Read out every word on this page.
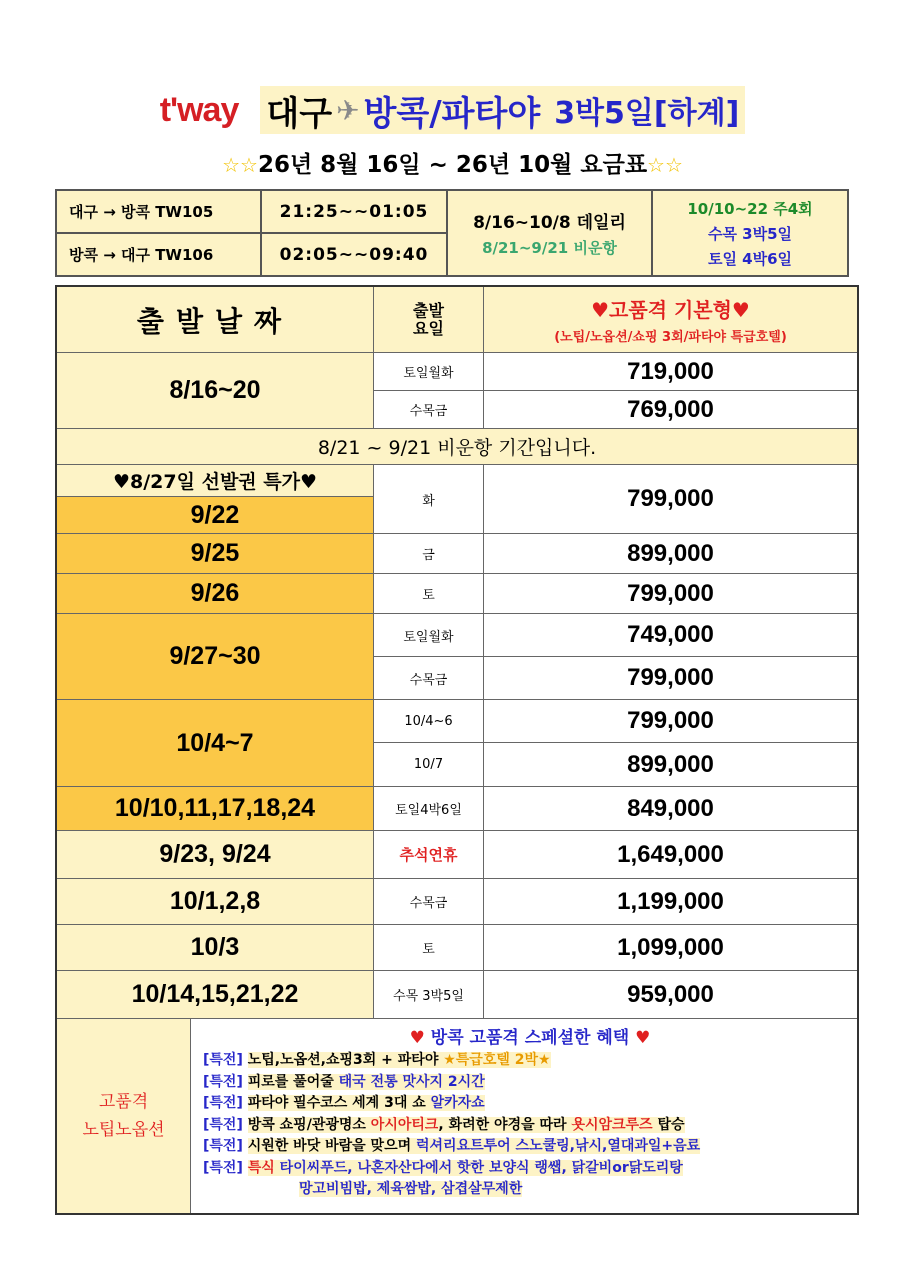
t'way 대구 ✈ 방콕/파타야 3박5일[하계]
☆☆26년 8월 16일 ~ 26년 10월 요금표☆☆
대구 → 방콕 TW105	21:25~~01:05
방콕 → 대구 TW106	02:05~~09:40
8/16~10/8 데일리
8/21~9/21 비운항
10/10~22 주4회
수목 3박5일
토일 4박6일
출발날짜	출발
요일
♥고품격 기본형♥
(노팁/노옵션/쇼핑 3회/파타야 특급호텔)
8/16~20
토일월화	719,000
수목금	769,000
8/21 ~ 9/21 비운항 기간입니다.
♥8/27일 선발권 특가♥
9/22	화	799,000
9/25	금	899,000
9/26	토	799,000
9/27~30
토일월화	749,000
수목금	799,000
10/4~7
10/4~6	799,000
10/7	899,000
10/10,11,17,18,24	토일4박6일	849,000
9/23, 9/24	추석연휴	1,649,000
10/1,2,8	수목금	1,199,000
10/3	토	1,099,000
10/14,15,21,22	수목 3박5일	959,000
고품격
노팁노옵션
♥ 방콕 고품격 스페셜한 혜택 ♥
[특전] 노팁,노옵션,쇼핑3회 + 파타야 ★특급호텔 2박★
[특전] 피로를 풀어줄 태국 전통 맛사지 2시간
[특전] 파타야 필수코스 세계 3대 쇼 알카자쇼
[특전] 방콕 쇼핑/관광명소 아시아티크, 화려한 야경을 따라 욧시암크루즈 탑승
[특전] 시원한 바닷 바람을 맞으며 럭셔리요트투어 스노쿨링,낚시,열대과일+음료
[특전] 특식 타이씨푸드, 나혼자산다에서 핫한 보양식 랭쌥, 닭갈비or닭도리탕
망고비빔밥, 제육쌈밥, 삼겹살무제한
